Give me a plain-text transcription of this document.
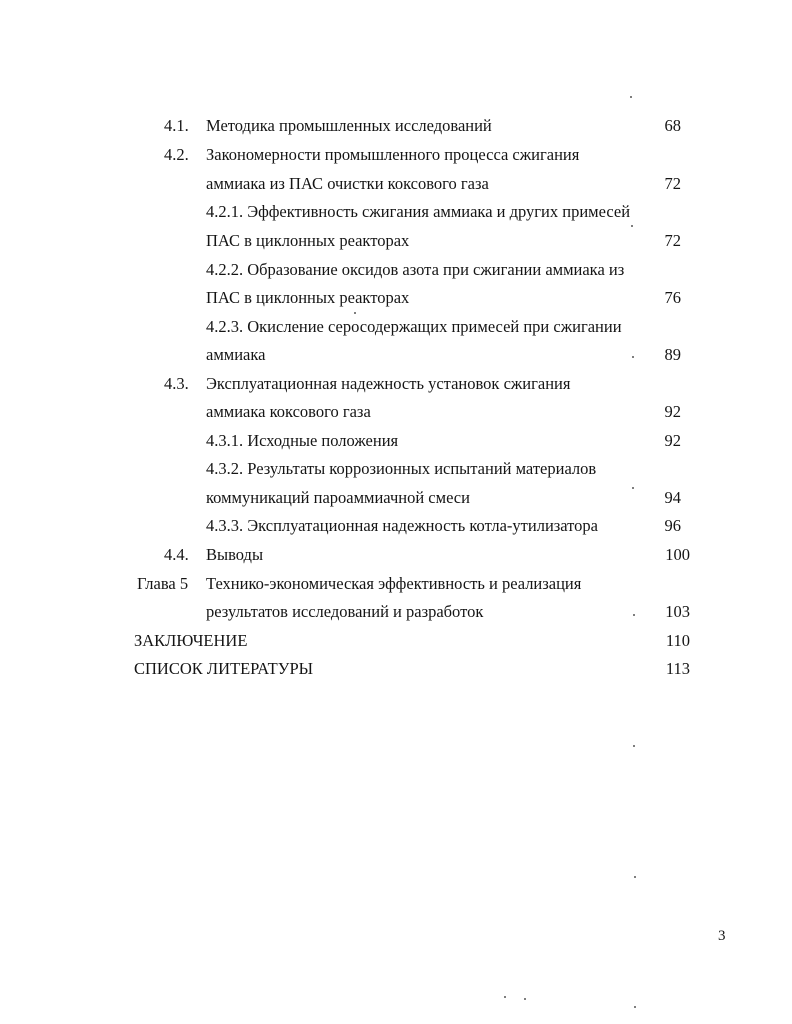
4.1. Методика промышленных исследований	68
4.2. Закономерности промышленного процесса сжигания
аммиака из ПАС очистки коксового газа	72
4.2.1. Эффективность сжигания аммиака и других примесей
ПАС в циклонных реакторах	72
4.2.2. Образование оксидов азота при сжигании аммиака из
ПАС в циклонных реакторах	76
4.2.3. Окисление серосодержащих примесей при сжигании
аммиака	89
4.3. Эксплуатационная надежность установок сжигания
аммиака коксового газа	92
4.3.1. Исходные положения	92
4.3.2. Результаты коррозионных испытаний материалов
коммуникаций пароаммиачной смеси	94
4.3.3. Эксплуатационная надежность котла-утилизатора	96
4.4. Выводы	100
Глава 5 Технико-экономическая эффективность и реализация
результатов исследований и разработок	103
ЗАКЛЮЧЕНИЕ	110
СПИСОК ЛИТЕРАТУРЫ	113
3
